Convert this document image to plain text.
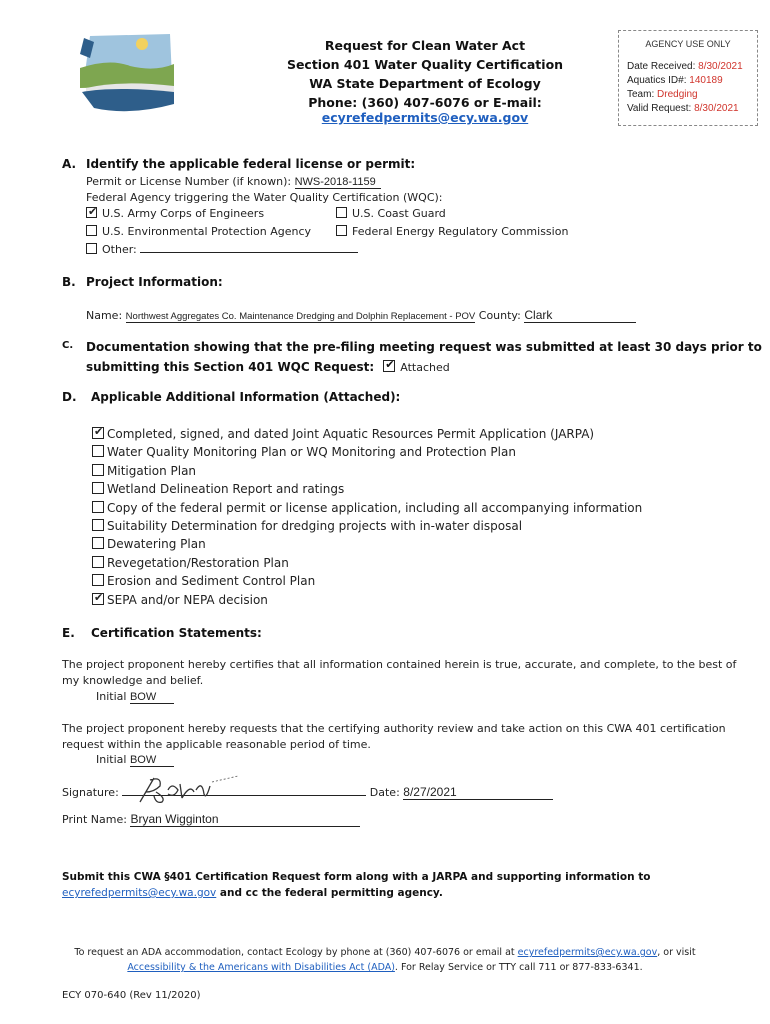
Request for Clean Water Act
Section 401 Water Quality Certification
WA State Department of Ecology
Phone: (360) 407-6076 or E-mail: ecyrefedpermits@ecy.wa.gov
AGENCY USE ONLY
Date Received: 8/30/2021
Aquatics ID#: 140189
Team: Dredging
Valid Request: 8/30/2021
A. Identify the applicable federal license or permit:
Permit or License Number (if known): NWS-2018-1159
Federal Agency triggering the Water Quality Certification (WQC):
✔ U.S. Army Corps of Engineers	U.S. Coast Guard
U.S. Environmental Protection Agency	Federal Energy Regulatory Commission
Other:
B. Project Information:
Name: Northwest Aggregates Co. Maintenance Dredging and Dolphin Replacement - POV County: Clark
C. Documentation showing that the pre-filing meeting request was submitted at least 30 days prior to
submitting this Section 401 WQC Request: ✔ Attached
D. Applicable Additional Information (Attached):
✔ Completed, signed, and dated Joint Aquatic Resources Permit Application (JARPA)
Water Quality Monitoring Plan or WQ Monitoring and Protection Plan
Mitigation Plan
Wetland Delineation Report and ratings
Copy of the federal permit or license application, including all accompanying information
Suitability Determination for dredging projects with in-water disposal
Dewatering Plan
Revegetation/Restoration Plan
Erosion and Sediment Control Plan
✔ SEPA and/or NEPA decision
E. Certification Statements:
The project proponent hereby certifies that all information contained herein is true, accurate, and complete, to the best of
my knowledge and belief.
Initial BOW
The project proponent hereby requests that the certifying authority review and take action on this CWA 401 certification
request within the applicable reasonable period of time.
Initial BOW
Signature:	Date: 8/27/2021
Print Name: Bryan Wigginton
Submit this CWA §401 Certification Request form along with a JARPA and supporting information to
ecyrefedpermits@ecy.wa.gov and cc the federal permitting agency.
To request an ADA accommodation, contact Ecology by phone at (360) 407-6076 or email at ecyrefedpermits@ecy.wa.gov, or visit
Accessibility & the Americans with Disabilities Act (ADA). For Relay Service or TTY call 711 or 877-833-6341.
ECY 070-640 (Rev 11/2020)
